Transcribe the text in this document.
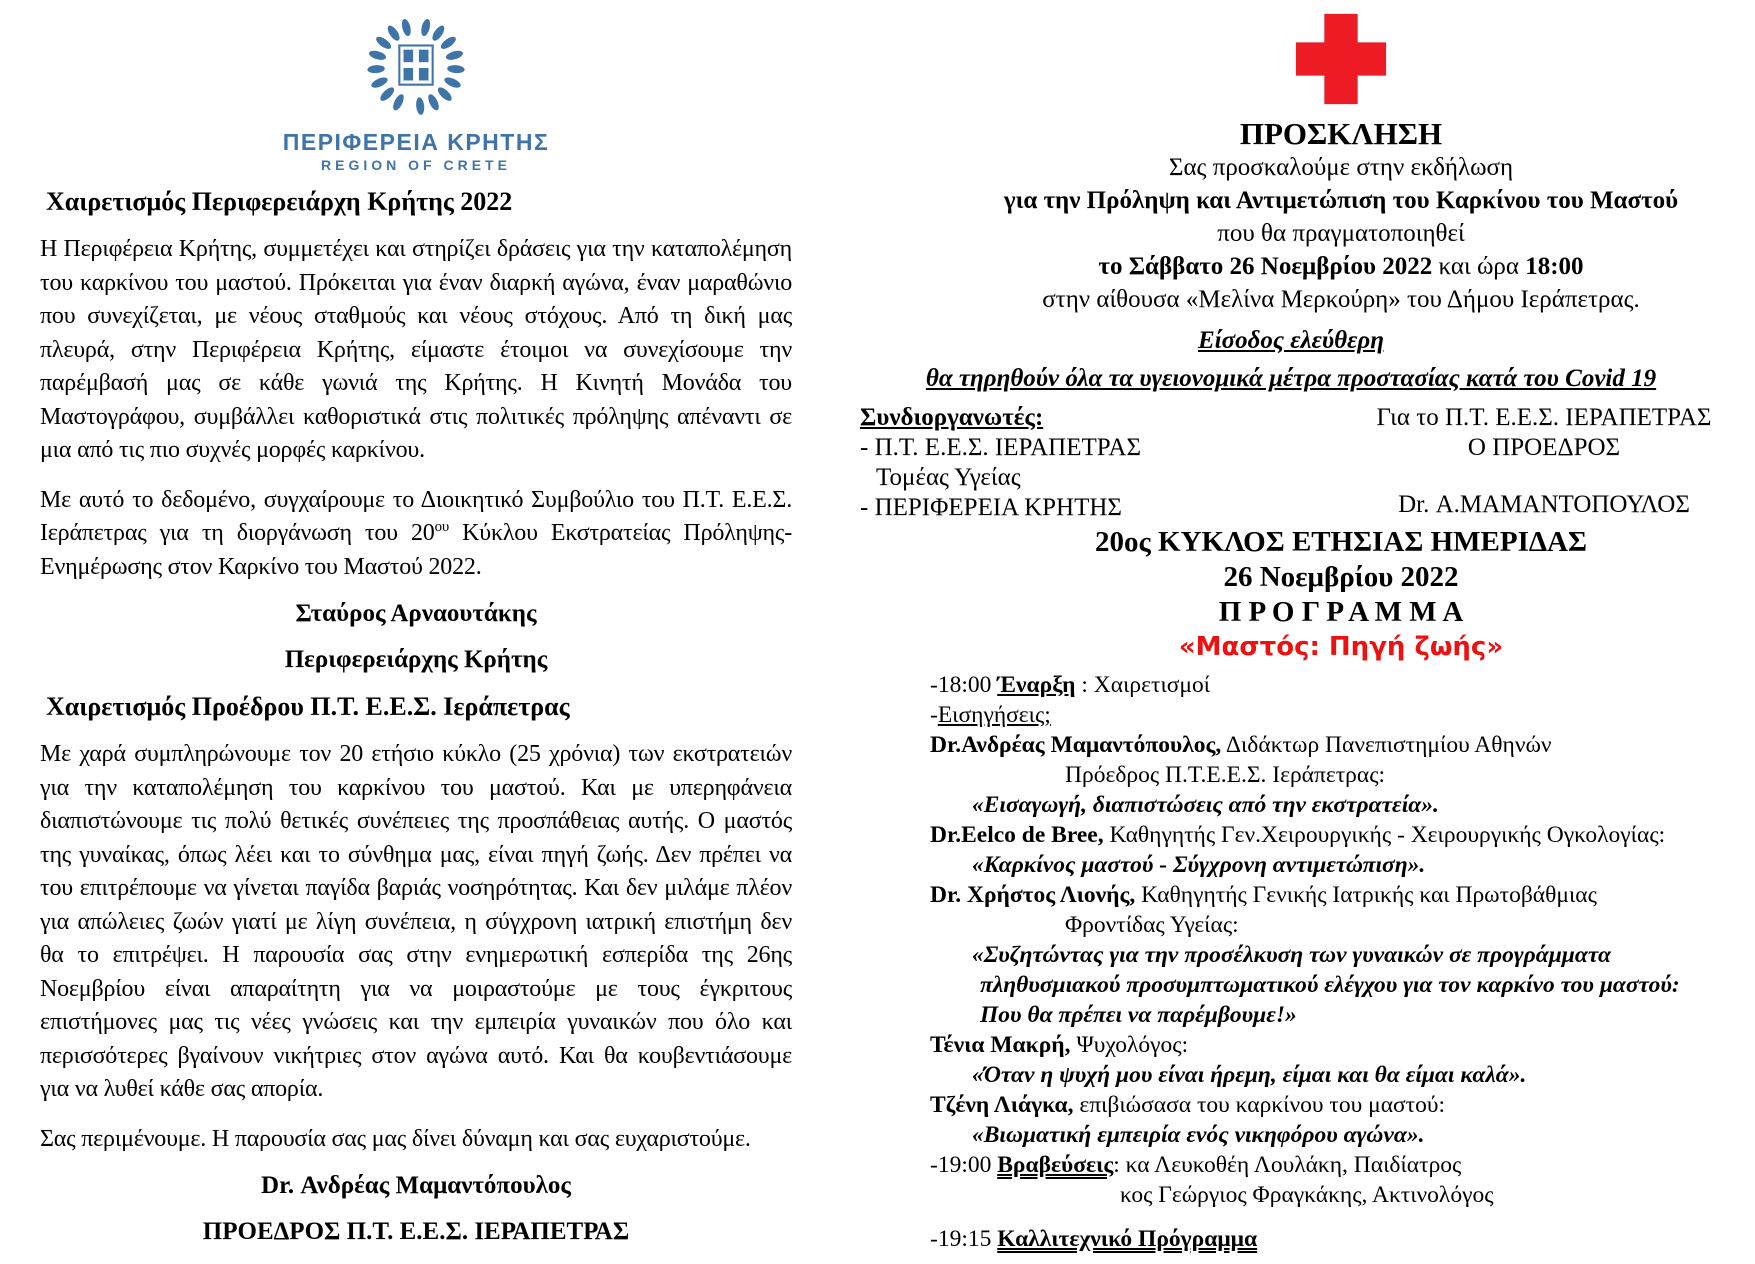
ΠΕΡΙΦΕΡΕΙΑ ΚΡΗΤΗΣ
REGION OF CRETE
Χαιρετισμός Περιφερειάρχη Κρήτης 2022

Η Περιφέρεια Κρήτης, συμμετέχει και στηρίζει δράσεις για την καταπολέμηση του καρκίνου του μαστού. Πρόκειται για έναν διαρκή αγώνα, έναν μαραθώνιο που συνεχίζεται, με νέους σταθμούς και νέους στόχους. Από τη δική μας πλευρά, στην Περιφέρεια Κρήτης, είμαστε έτοιμοι να συνεχίσουμε την παρέμβασή μας σε κάθε γωνιά της Κρήτης. Η Κινητή Μονάδα του Μαστογράφου, συμβάλλει καθοριστικά στις πολιτικές πρόληψης απέναντι σε μια από τις πιο συχνές μορφές καρκίνου.

Με αυτό το δεδομένο, συγχαίρουμε το Διοικητικό Συμβούλιο του Π.Τ. Ε.Ε.Σ. Ιεράπετρας για τη διοργάνωση του $20^{o\upsilon}$ Κύκλου Εκστρατείας Πρόληψης-Ενημέρωσης στον Καρκίνο του Μαστού 2022.

Σταύρος Αρναουτάκης
Περιφερειάρχης Κρήτης
Χαιρετισμός Προέδρου Π.Τ. Ε.Ε.Σ. Ιεράπετρας

Με χαρά συμπληρώνουμε τον 20 ετήσιο κύκλο (25 χρόνια) των εκστρατειών για την καταπολέμηση του καρκίνου του μαστού. Και με υπερηφάνεια διαπιστώνουμε τις πολύ θετικές συνέπειες της προσπάθειας αυτής. Ο μαστός της γυναίκας, όπως λέει και το σύνθημα μας, είναι πηγή ζωής. Δεν πρέπει να του επιτρέπουμε να γίνεται παγίδα βαριάς νοσηρότητας. Και δεν μιλάμε πλέον για απώλειες ζωών γιατί με λίγη συνέπεια, η σύγχρονη ιατρική επιστήμη δεν θα το επιτρέψει. Η παρουσία σας στην ενημερωτική εσπερίδα της 26ης Νοεμβρίου είναι απαραίτητη για να μοιραστούμε με τους έγκριτους επιστήμονες μας τις νέες γνώσεις και την εμπειρία γυναικών που όλο και περισσότερες βγαίνουν νικήτριες στον αγώνα αυτό. Και θα κουβεντιάσουμε για να λυθεί κάθε σας απορία.

Σας περιμένουμε. Η παρουσία σας μας δίνει δύναμη και σας ευχαριστούμε.

Dr. Ανδρέας Μαμαντόπουλος
ΠΡΟΕΔΡΟΣ Π.Τ. Ε.Ε.Σ. ΙΕΡΑΠΕΤΡΑΣ
ΠΡΟΣΚΛΗΣΗ
Σας προσκαλούμε στην εκδήλωση
για την Πρόληψη και Αντιμετώπιση του Καρκίνου του Μαστού
που θα πραγματοποιηθεί
το Σάββατο 26 Νοεμβρίου 2022 και ώρα 18:00
στην αίθουσα «Μελίνα Μερκούρη» του Δήμου Ιεράπετρας.
Είσοδος ελεύθερη
θα τηρηθούν όλα τα υγειονομικά μέτρα προστασίας κατά του Covid 19
Συνδιοργανωτές:
- Π.Τ. Ε.Ε.Σ. ΙΕΡΑΠΕΤΡΑΣ
Τομέας Υγείας
- ΠΕΡΙΦΕΡΕΙΑ ΚΡΗΤΗΣ
Για το Π.Τ. Ε.Ε.Σ. ΙΕΡΑΠΕΤΡΑΣ
Ο ΠΡΟΕΔΡΟΣ
Dr. Α.ΜΑΜΑΝΤΟΠΟΥΛΟΣ
20ος ΚΥΚΛΟΣ ΕΤΗΣΙΑΣ ΗΜΕΡΙΔΑΣ
26 Νοεμβρίου 2022
Π Ρ Ο Γ Ρ Α Μ Μ Α
«Μαστός: Πηγή ζωής»
-18:00 Έναρξη : Χαιρετισμοί
-Εισηγήσεις;
Dr.Ανδρέας Μαμαντόπουλος, Διδάκτωρ Πανεπιστημίου Αθηνών
Πρόεδρος Π.Τ.Ε.Ε.Σ. Ιεράπετρας:
«Εισαγωγή, διαπιστώσεις από την εκστρατεία».
Dr.Eelco de Bree, Καθηγητής Γεν.Χειρουργικής - Χειρουργικής Ογκολογίας:
«Καρκίνος μαστού - Σύγχρονη αντιμετώπιση».
Dr. Χρήστος Λιονής, Καθηγητής Γενικής Ιατρικής και Πρωτοβάθμιας
Φροντίδας Υγείας:
«Συζητώντας για την προσέλκυση των γυναικών σε προγράμματα
πληθυσμιακού προσυμπτωματικού ελέγχου για τον καρκίνο του μαστού:
Που θα πρέπει να παρέμβουμε!»
Τένια Μακρή, Ψυχολόγος:
«Όταν η ψυχή μου είναι ήρεμη, είμαι και θα είμαι καλά».
Τζένη Λιάγκα, επιβιώσασα του καρκίνου του μαστού:
«Βιωματική εμπειρία ενός νικηφόρου αγώνα».
-19:00 Βραβεύσεις: κα Λευκοθέη Λουλάκη, Παιδίατρος
κος Γεώργιος Φραγκάκης, Ακτινολόγος
-19:15 Καλλιτεχνικό Πρόγραμμα
